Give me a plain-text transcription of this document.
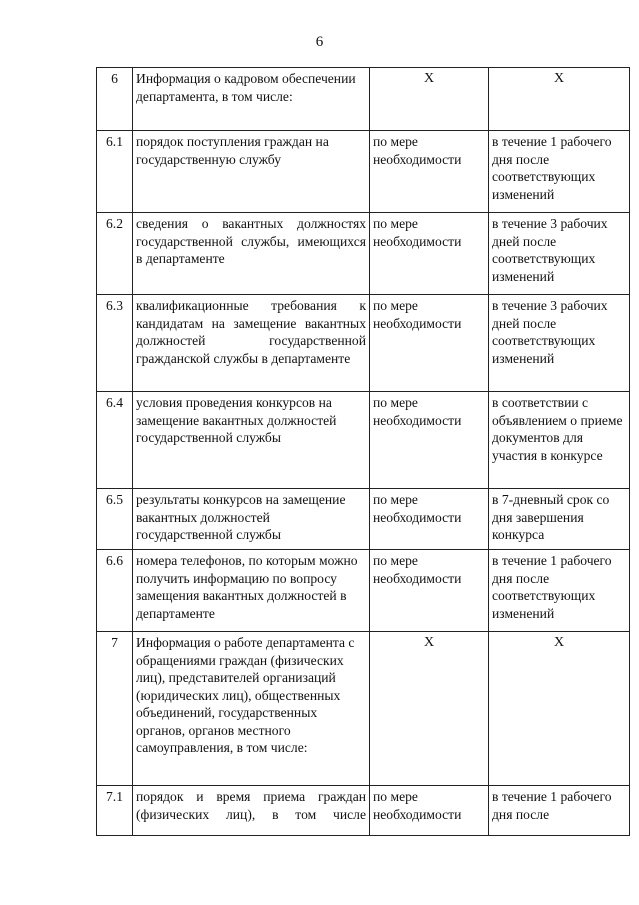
6
6	Информация о кадровом обеспечении департамента, в том числе:	X	X
6.1	порядок поступления граждан на государственную службу	по мере необходимости	в течение 1 рабочего дня после соответствующих изменений
6.2	сведения о вакантных должностях государственной службы, имеющихся в департаменте	по мере необходимости	в течение 3 рабочих дней после соответствующих изменений
6.3	квалификационные требования к кандидатам на замещение вакантных должностей государственной гражданской службы в департаменте	по мере необходимости	в течение 3 рабочих дней после соответствующих изменений
6.4	условия проведения конкурсов на замещение вакантных должностей государственной службы	по мере необходимости	в соответствии с объявлением о приеме документов для участия в конкурсе
6.5	результаты конкурсов на замещение вакантных должностей государственной службы	по мере необходимости	в 7-дневный срок со дня завершения конкурса
6.6	номера телефонов, по которым можно получить информацию по вопросу замещения вакантных должностей в департаменте	по мере необходимости	в течение 1 рабочего дня после соответствующих изменений
7	Информация о работе департамента с обращениями граждан (физических лиц), представителей организаций (юридических лиц), общественных объединений, государственных органов, органов местного самоуправления, в том числе:	X	X
7.1	порядок и время приема граждан (физических лиц), в том числе	по мере необходимости	в течение 1 рабочего дня после
